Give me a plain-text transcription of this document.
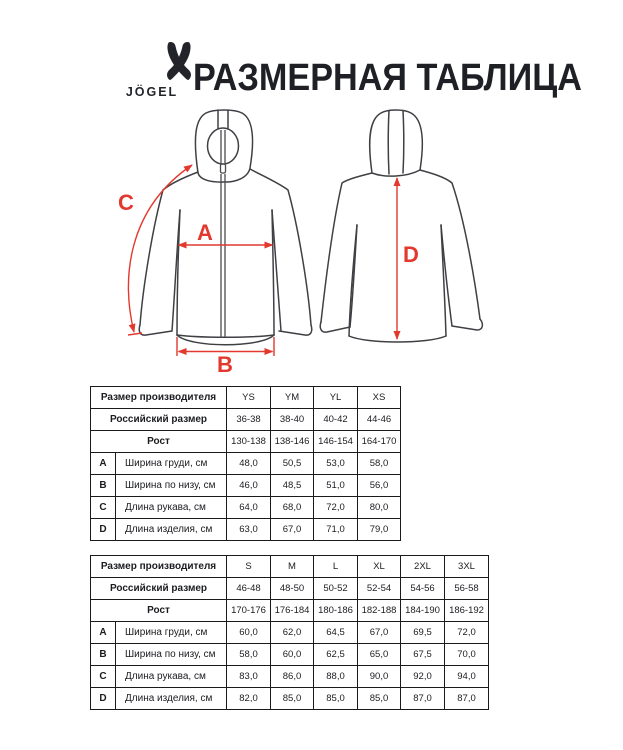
JÖGEL РАЗМЕРНАЯ ТАБЛИЦА
A
B
C
D
Размер производителя		YS	YM	YL	XS
Российский размер		36-38	38-40	40-42	44-46
Рост		130-138	138-146	146-154	164-170
A	Ширина груди, см	48,0	50,5	53,0	58,0
B	Ширина по низу, см	46,0	48,5	51,0	56,0
C	Длина рукава, см	64,0	68,0	72,0	80,0
D	Длина изделия, см	63,0	67,0	71,0	79,0
Размер производителя		S	M	L	XL	2XL	3XL
Российский размер		46-48	48-50	50-52	52-54	54-56	56-58
Рост		170-176	176-184	180-186	182-188	184-190	186-192
A	Ширина груди, см	60,0	62,0	64,5	67,0	69,5	72,0
B	Ширина по низу, см	58,0	60,0	62,5	65,0	67,5	70,0
C	Длина рукава, см	83,0	86,0	88,0	90,0	92,0	94,0
D	Длина изделия, см	82,0	85,0	85,0	85,0	87,0	87,0
